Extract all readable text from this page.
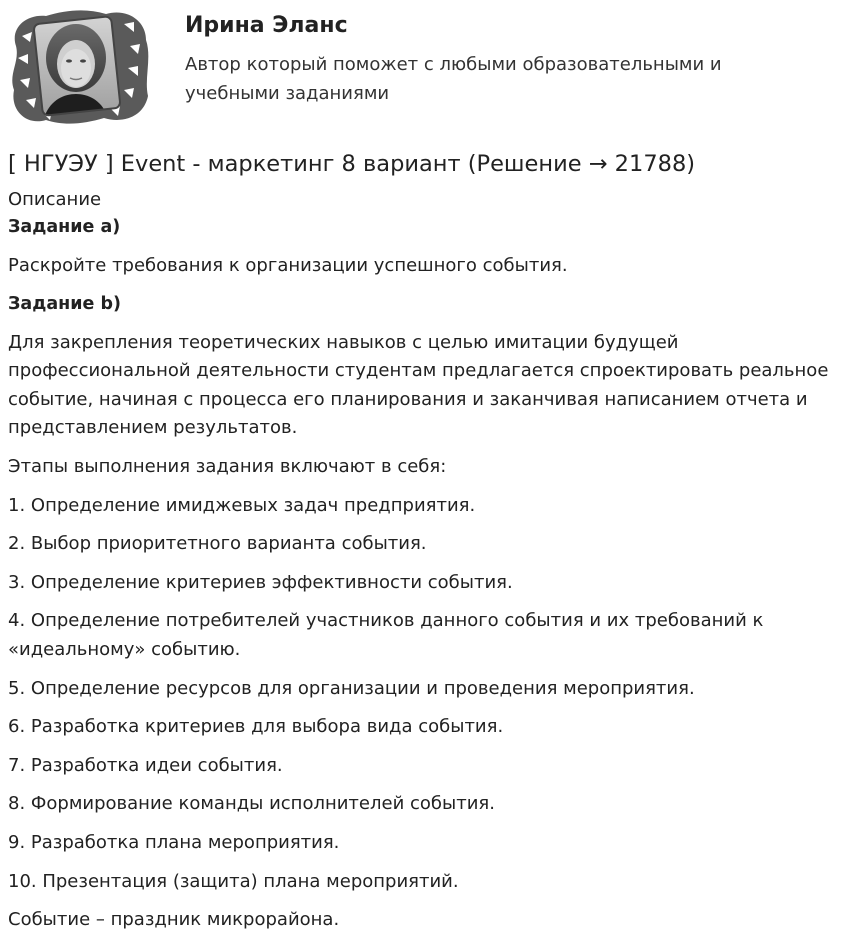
Ирина Эланс
Автор который поможет с любыми образовательными и учебными заданиями
[ НГУЭУ ] Event - маркетинг 8 вариант (Решение → 21788)

Описание

Задание a)

Раскройте требования к организации успешного события.

Задание b)

Для закрепления теоретических навыков с целью имитации будущей профессиональной деятельности студентам предлагается спроектировать реальное событие, начиная с процесса его планирования и заканчивая написанием отчета и представлением результатов.

Этапы выполнения задания включают в себя:

1. Определение имиджевых задач предприятия.

2. Выбор приоритетного варианта события.

3. Определение критериев эффективности события.

4. Определение потребителей участников данного события и их требований к «идеальному» событию.

5. Определение ресурсов для организации и проведения мероприятия.

6. Разработка критериев для выбора вида события.

7. Разработка идеи события.

8. Формирование команды исполнителей события.

9. Разработка плана мероприятия.

10. Презентация (защита) плана мероприятий.

Событие – праздник микрорайона.
